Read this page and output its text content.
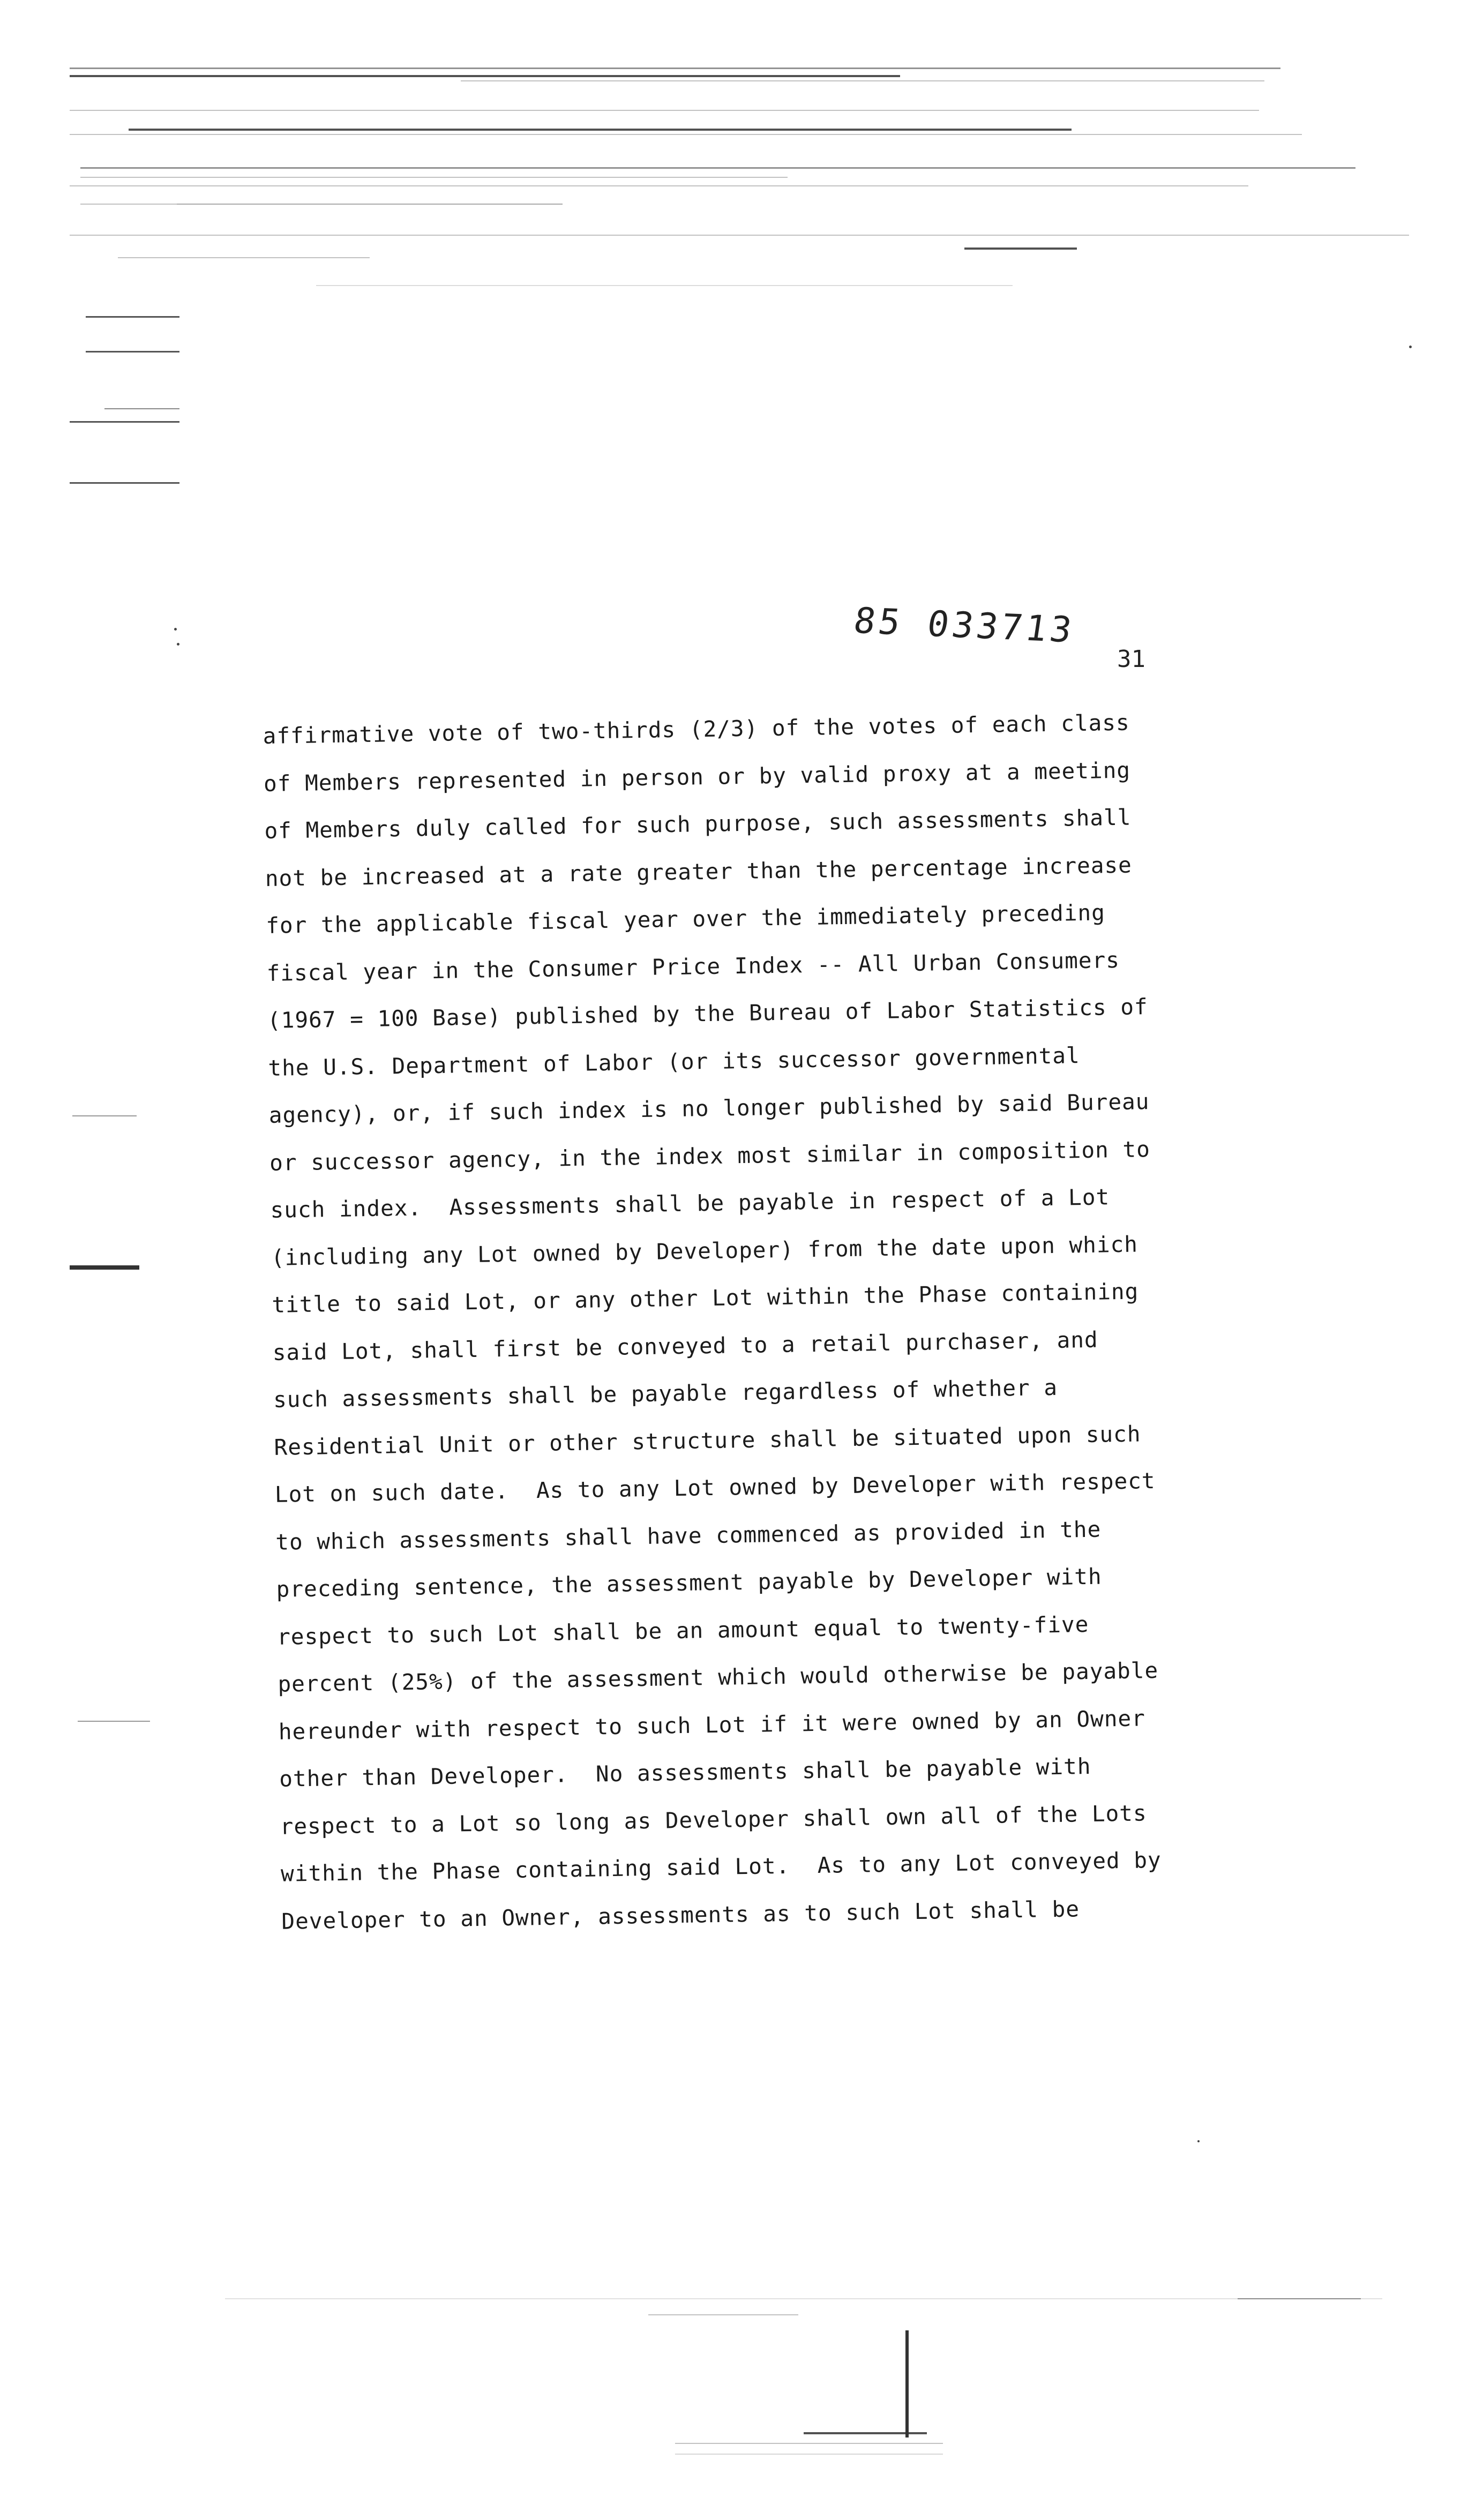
85 033713
31
affirmative vote of two-thirds (2/3) of the votes of each class
of Members represented in person or by valid proxy at a meeting
of Members duly called for such purpose, such assessments shall
not be increased at a rate greater than the percentage increase
for the applicable fiscal year over the immediately preceding
fiscal year in the Consumer Price Index -- All Urban Consumers
(1967 = 100 Base) published by the Bureau of Labor Statistics of
the U.S. Department of Labor (or its successor governmental
agency), or, if such index is no longer published by said Bureau
or successor agency, in the index most similar in composition to
such index.  Assessments shall be payable in respect of a Lot
(including any Lot owned by Developer) from the date upon which
title to said Lot, or any other Lot within the Phase containing
said Lot, shall first be conveyed to a retail purchaser, and
such assessments shall be payable regardless of whether a
Residential Unit or other structure shall be situated upon such
Lot on such date.  As to any Lot owned by Developer with respect
to which assessments shall have commenced as provided in the
preceding sentence, the assessment payable by Developer with
respect to such Lot shall be an amount equal to twenty-five
percent (25%) of the assessment which would otherwise be payable
hereunder with respect to such Lot if it were owned by an Owner
other than Developer.  No assessments shall be payable with
respect to a Lot so long as Developer shall own all of the Lots
within the Phase containing said Lot.  As to any Lot conveyed by
Developer to an Owner, assessments as to such Lot shall be
